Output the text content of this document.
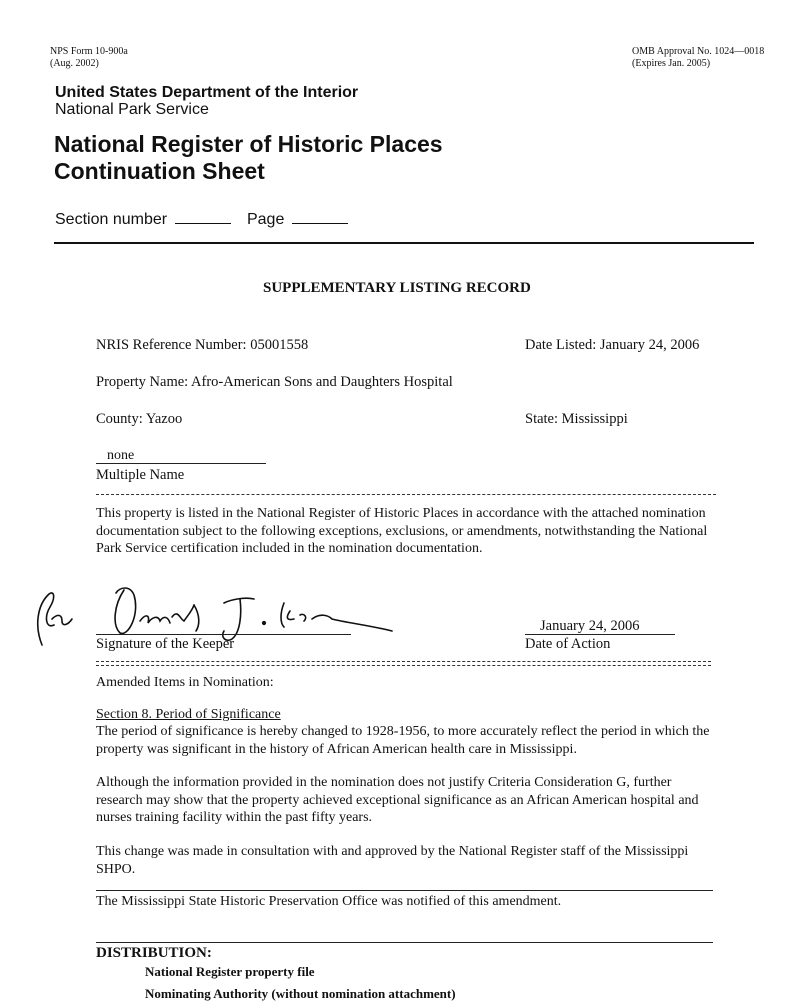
NPS Form 10-900a
(Aug. 2002)
OMB Approval No. 1024—0018
(Expires Jan. 2005)
United States Department of the Interior
National Park Service
National Register of Historic Places
Continuation Sheet
Section number	Page
SUPPLEMENTARY LISTING RECORD
NRIS Reference Number: 05001558	Date Listed: January 24, 2006
Property Name: Afro-American Sons and Daughters Hospital
County: Yazoo	State: Mississippi
none
Multiple Name
This property is listed in the National Register of Historic Places in accordance with the attached nomination documentation subject to the following exceptions, exclusions, or amendments, notwithstanding the National Park Service certification included in the nomination documentation.
Signature of the Keeper
January 24, 2006
Date of Action
Amended Items in Nomination:
Section 8. Period of Significance
The period of significance is hereby changed to 1928-1956, to more accurately reflect the period in which the property was significant in the history of African American health care in Mississippi.
Although the information provided in the nomination does not justify Criteria Consideration G, further research may show that the property achieved exceptional significance as an African American hospital and nurses training facility within the past fifty years.
This change was made in consultation with and approved by the National Register staff of the Mississippi SHPO.
The Mississippi State Historic Preservation Office was notified of this amendment.
DISTRIBUTION:
National Register property file
Nominating Authority (without nomination attachment)
